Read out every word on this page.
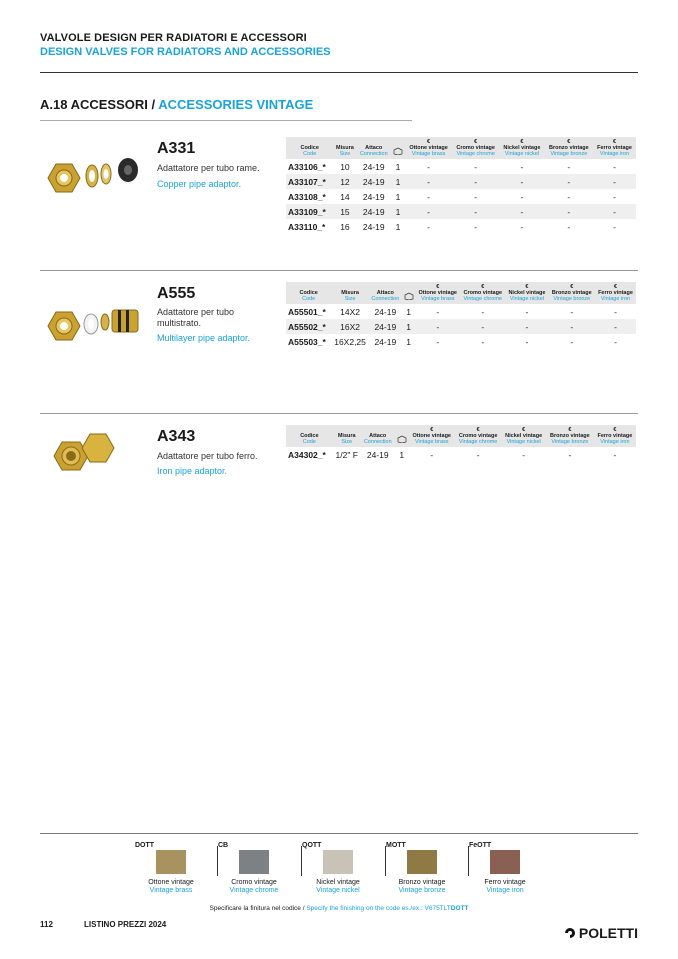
VALVOLE DESIGN PER RADIATORI E ACCESSORI
DESIGN VALVES FOR RADIATORS AND ACCESSORIES
A.18 ACCESSORI / ACCESSORIES VINTAGE
A331
Adattatore per tubo rame.
Copper pipe adaptor.
Codice
Code	Misura
Size	Attaco
Connection		€
Ottone vintage
Vintage brass	€
Cromo vintage
Vintage chrome	€
Nickel vintage
Vintage nickel	€
Bronzo vintage
Vintage bronze	€
Ferro vintage
Vintage iron

A33106_*	10	24-19	1	-	-	-	-	-
A33107_*	12	24-19	1	-	-	-	-	-
A33108_*	14	24-19	1	-	-	-	-	-
A33109_*	15	24-19	1	-	-	-	-	-
A33110_*	16	24-19	1	-	-	-	-	-
A555
Adattatore per tubo multistrato.
Multilayer pipe adaptor.
Codice
Code	Misura
Size	Attaco
Connection		€
Ottone vintage
Vintage brass	€
Cromo vintage
Vintage chrome	€
Nickel vintage
Vintage nickel	€
Bronzo vintage
Vintage bronze	€
Ferro vintage
Vintage iron

A55501_*	14X2	24-19	1	-	-	-	-	-
A55502_*	16X2	24-19	1	-	-	-	-	-
A55503_*	16X2,25	24-19	1	-	-	-	-	-
A343
Adattatore per tubo ferro.
Iron pipe adaptor.
Codice
Code	Misura
Size	Attaco
Connection		€
Ottone vintage
Vintage brass	€
Cromo vintage
Vintage chrome	€
Nickel vintage
Vintage nickel	€
Bronzo vintage
Vintage bronze	€
Ferro vintage
Vintage iron

A34302_*	1/2" F	24-19	1	-	-	-	-	-
DOTT
Ottone vintage
Vintage brass
CB
Cromo vintage
Vintage chrome
QOTT
Nickel vintage
Vintage nickel
MOTT
Bronzo vintage
Vintage bronze
FeOTT
Ferro vintage
Vintage iron
Specificare la finitura nel codice / Specify the finishing on the code es./ex.: V675TLTDOTT
112	LISTINO PREZZI 2024
POLETTI
